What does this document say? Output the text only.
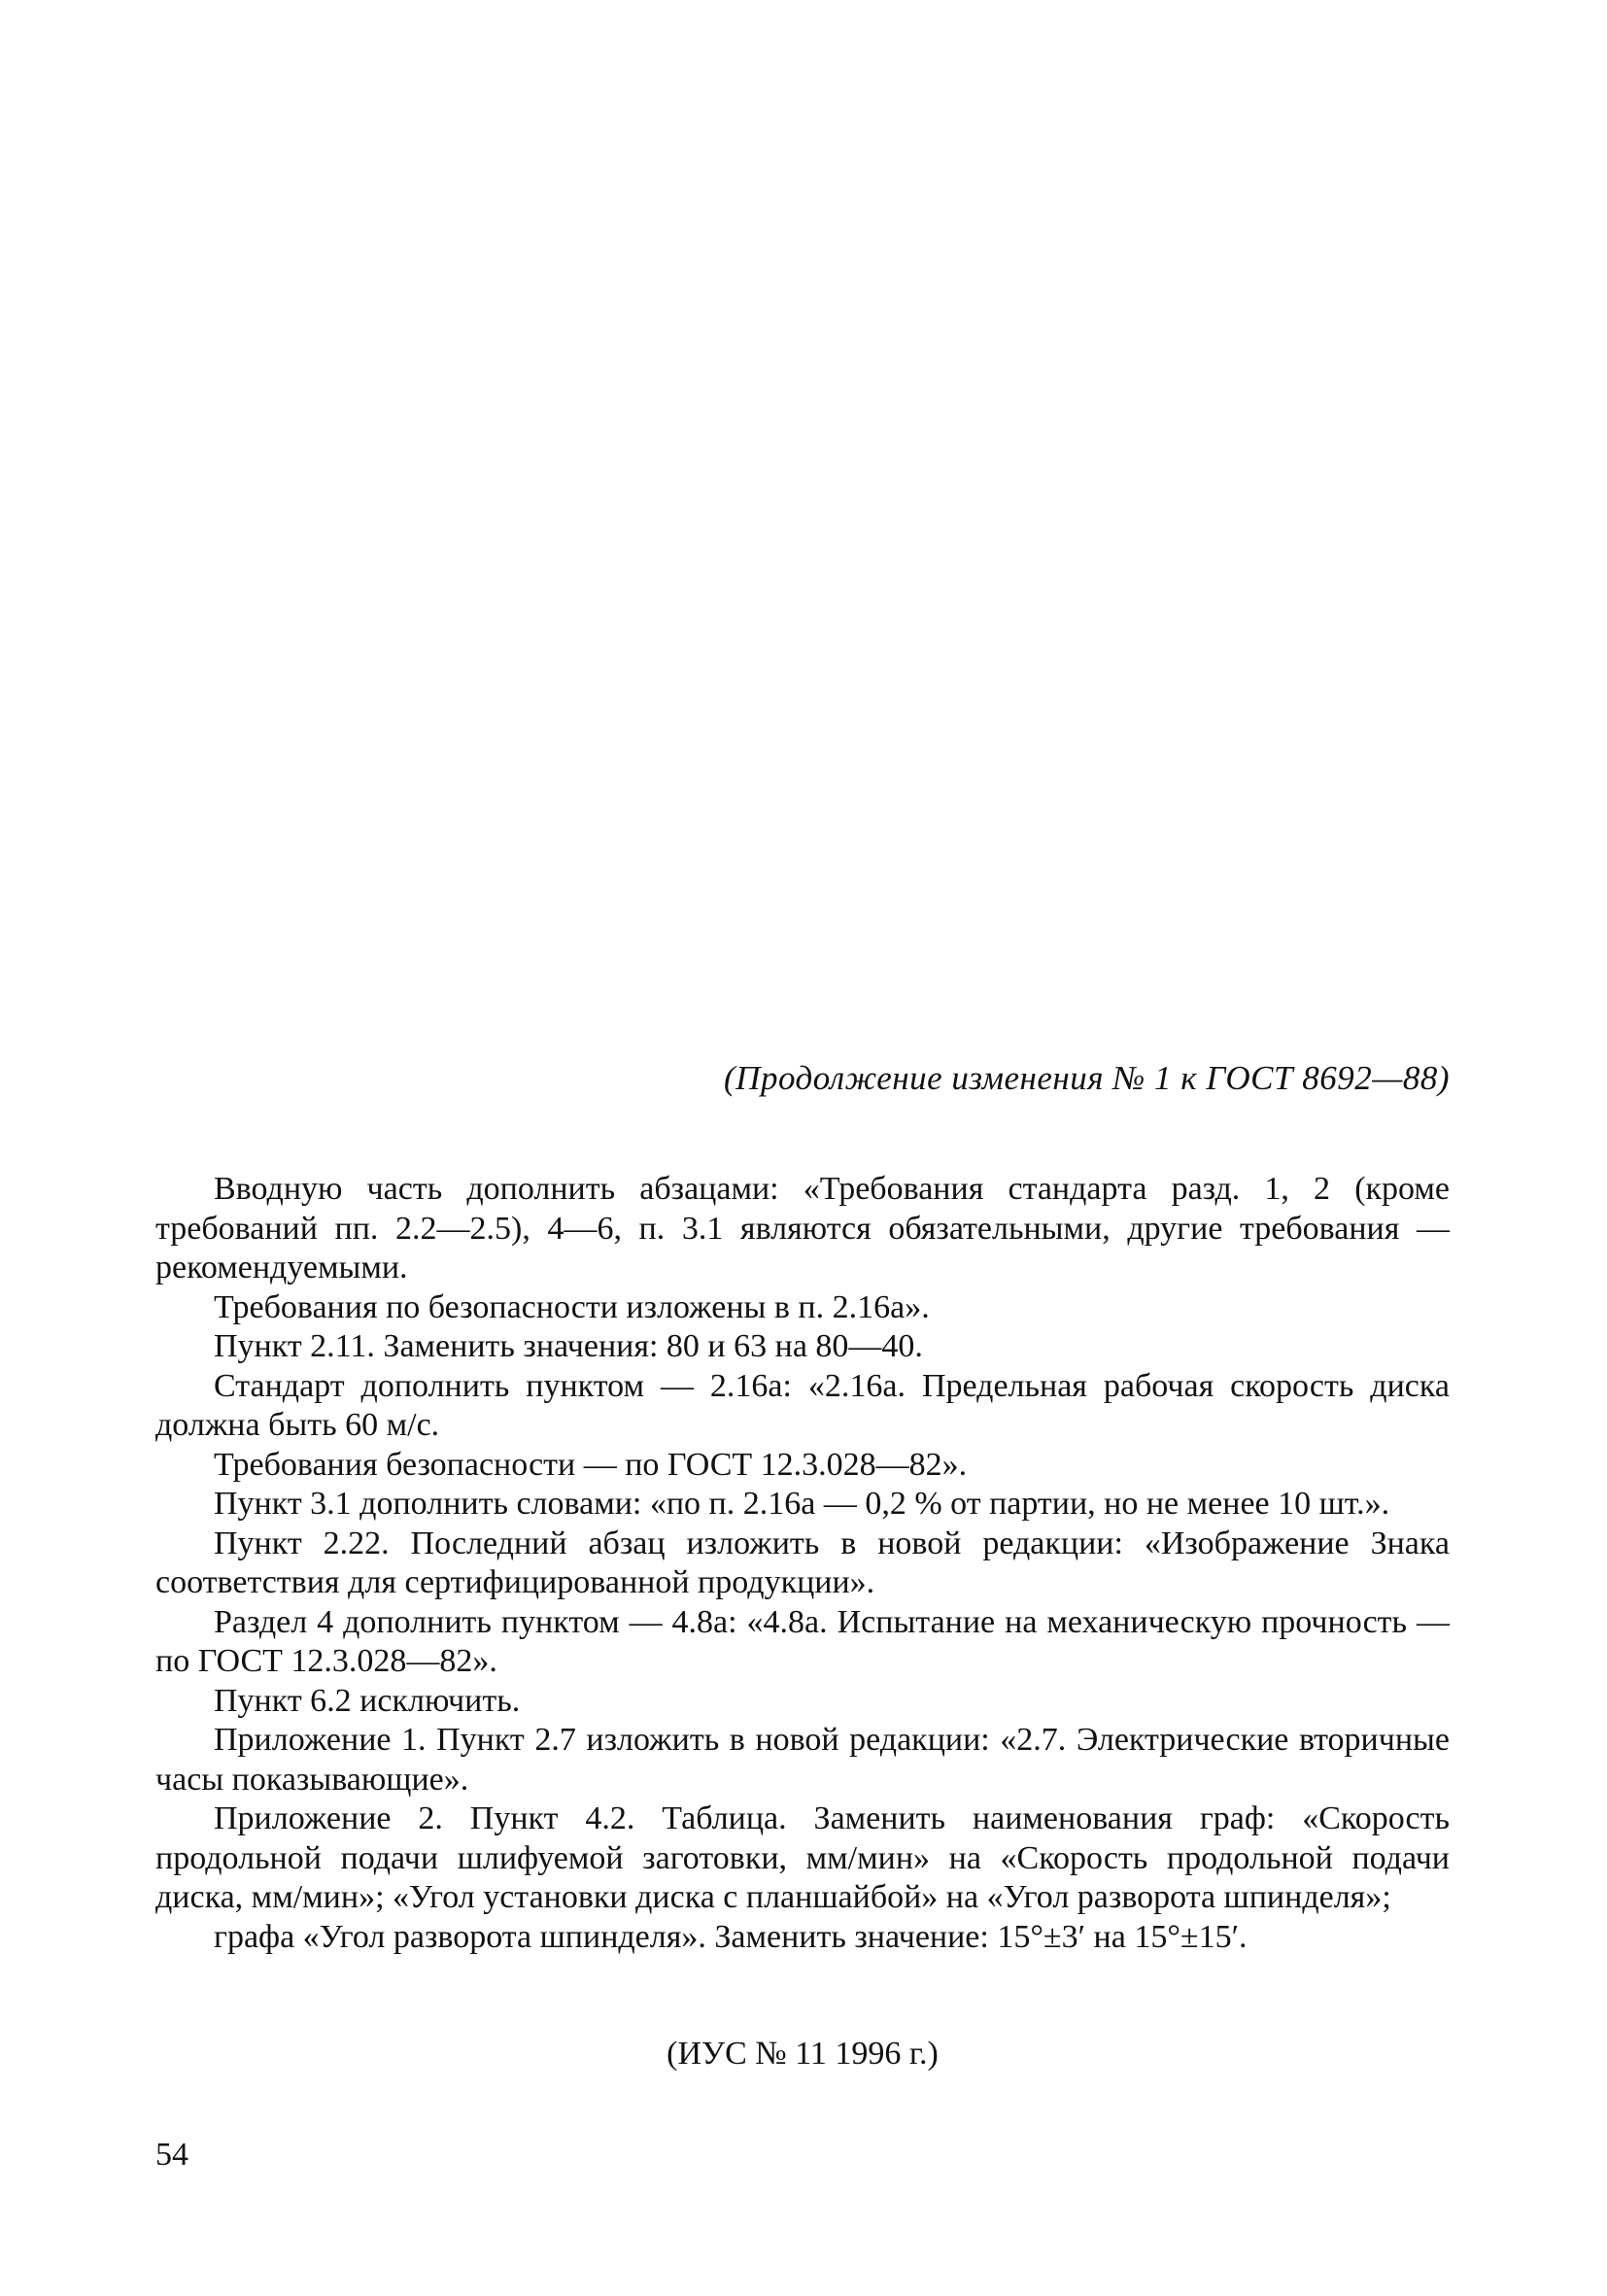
(Продолжение изменения № 1 к ГОСТ 8692—88)

Вводную часть дополнить абзацами: «Требования стандарта разд. 1, 2 (кроме требований пп. 2.2—2.5), 4—6, п. 3.1 являются обязательными, другие требования — рекомендуемыми.

Требования по безопасности изложены в п. 2.16а».

Пункт 2.11. Заменить значения: 80 и 63 на 80—40.

Стандарт дополнить пунктом — 2.16а: «2.16а. Предельная рабочая скорость диска должна быть 60 м/с.

Требования безопасности — по ГОСТ 12.3.028—82».

Пункт 3.1 дополнить словами: «по п. 2.16а — 0,2 % от партии, но не менее 10 шт.».

Пункт 2.22. Последний абзац изложить в новой редакции: «Изображение Знака соответствия для сертифицированной продукции».

Раздел 4 дополнить пунктом — 4.8а: «4.8а. Испытание на механическую прочность — по ГОСТ 12.3.028—82».

Пункт 6.2 исключить.

Приложение 1. Пункт 2.7 изложить в новой редакции: «2.7. Электрические вторичные часы показывающие».

Приложение 2. Пункт 4.2. Таблица. Заменить наименования граф: «Скорость продольной подачи шлифуемой заготовки, мм/мин» на «Скорость продольной подачи диска, мм/мин»; «Угол установки диска с планшайбой» на «Угол разворота шпинделя»;

графа «Угол разворота шпинделя». Заменить значение: 15°±3′ на 15°±15′.

(ИУС № 11 1996 г.)
54
